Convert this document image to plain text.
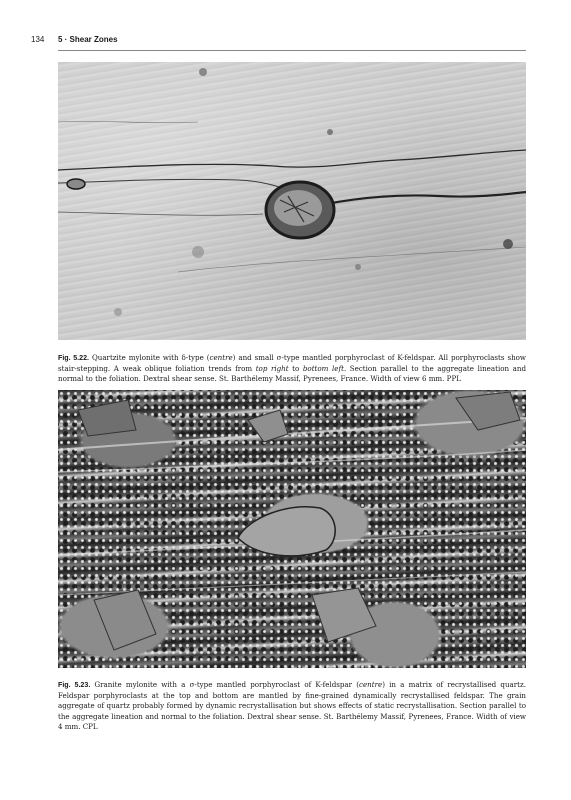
134 5 · Shear Zones

Fig. 5.22. Quartzite mylonite with δ-type (centre) and small σ-type mantled porphyroclast of K-feldspar. All porphyroclasts show stair-stepping. A weak oblique foliation trends from top right to bottom left. Section parallel to the aggregate lineation and normal to the foliation. Dextral shear sense. St. Barthélemy Massif, Pyrenees, France. Width of view 6 mm. PPL

Fig. 5.23. Granite mylonite with a σ-type mantled porphyroclast of K-feldspar (centre) in a matrix of recrystallised quartz. Feldspar porphyroclasts at the top and bottom are mantled by fine-grained dynamically recrystallised feldspar. The grain aggregate of quartz probably formed by dynamic recrystallisation but shows effects of static recrystallisation. Section parallel to the aggregate lineation and normal to the foliation. Dextral shear sense. St. Barthélemy Massif, Pyrenees, France. Width of view 4 mm. CPL
